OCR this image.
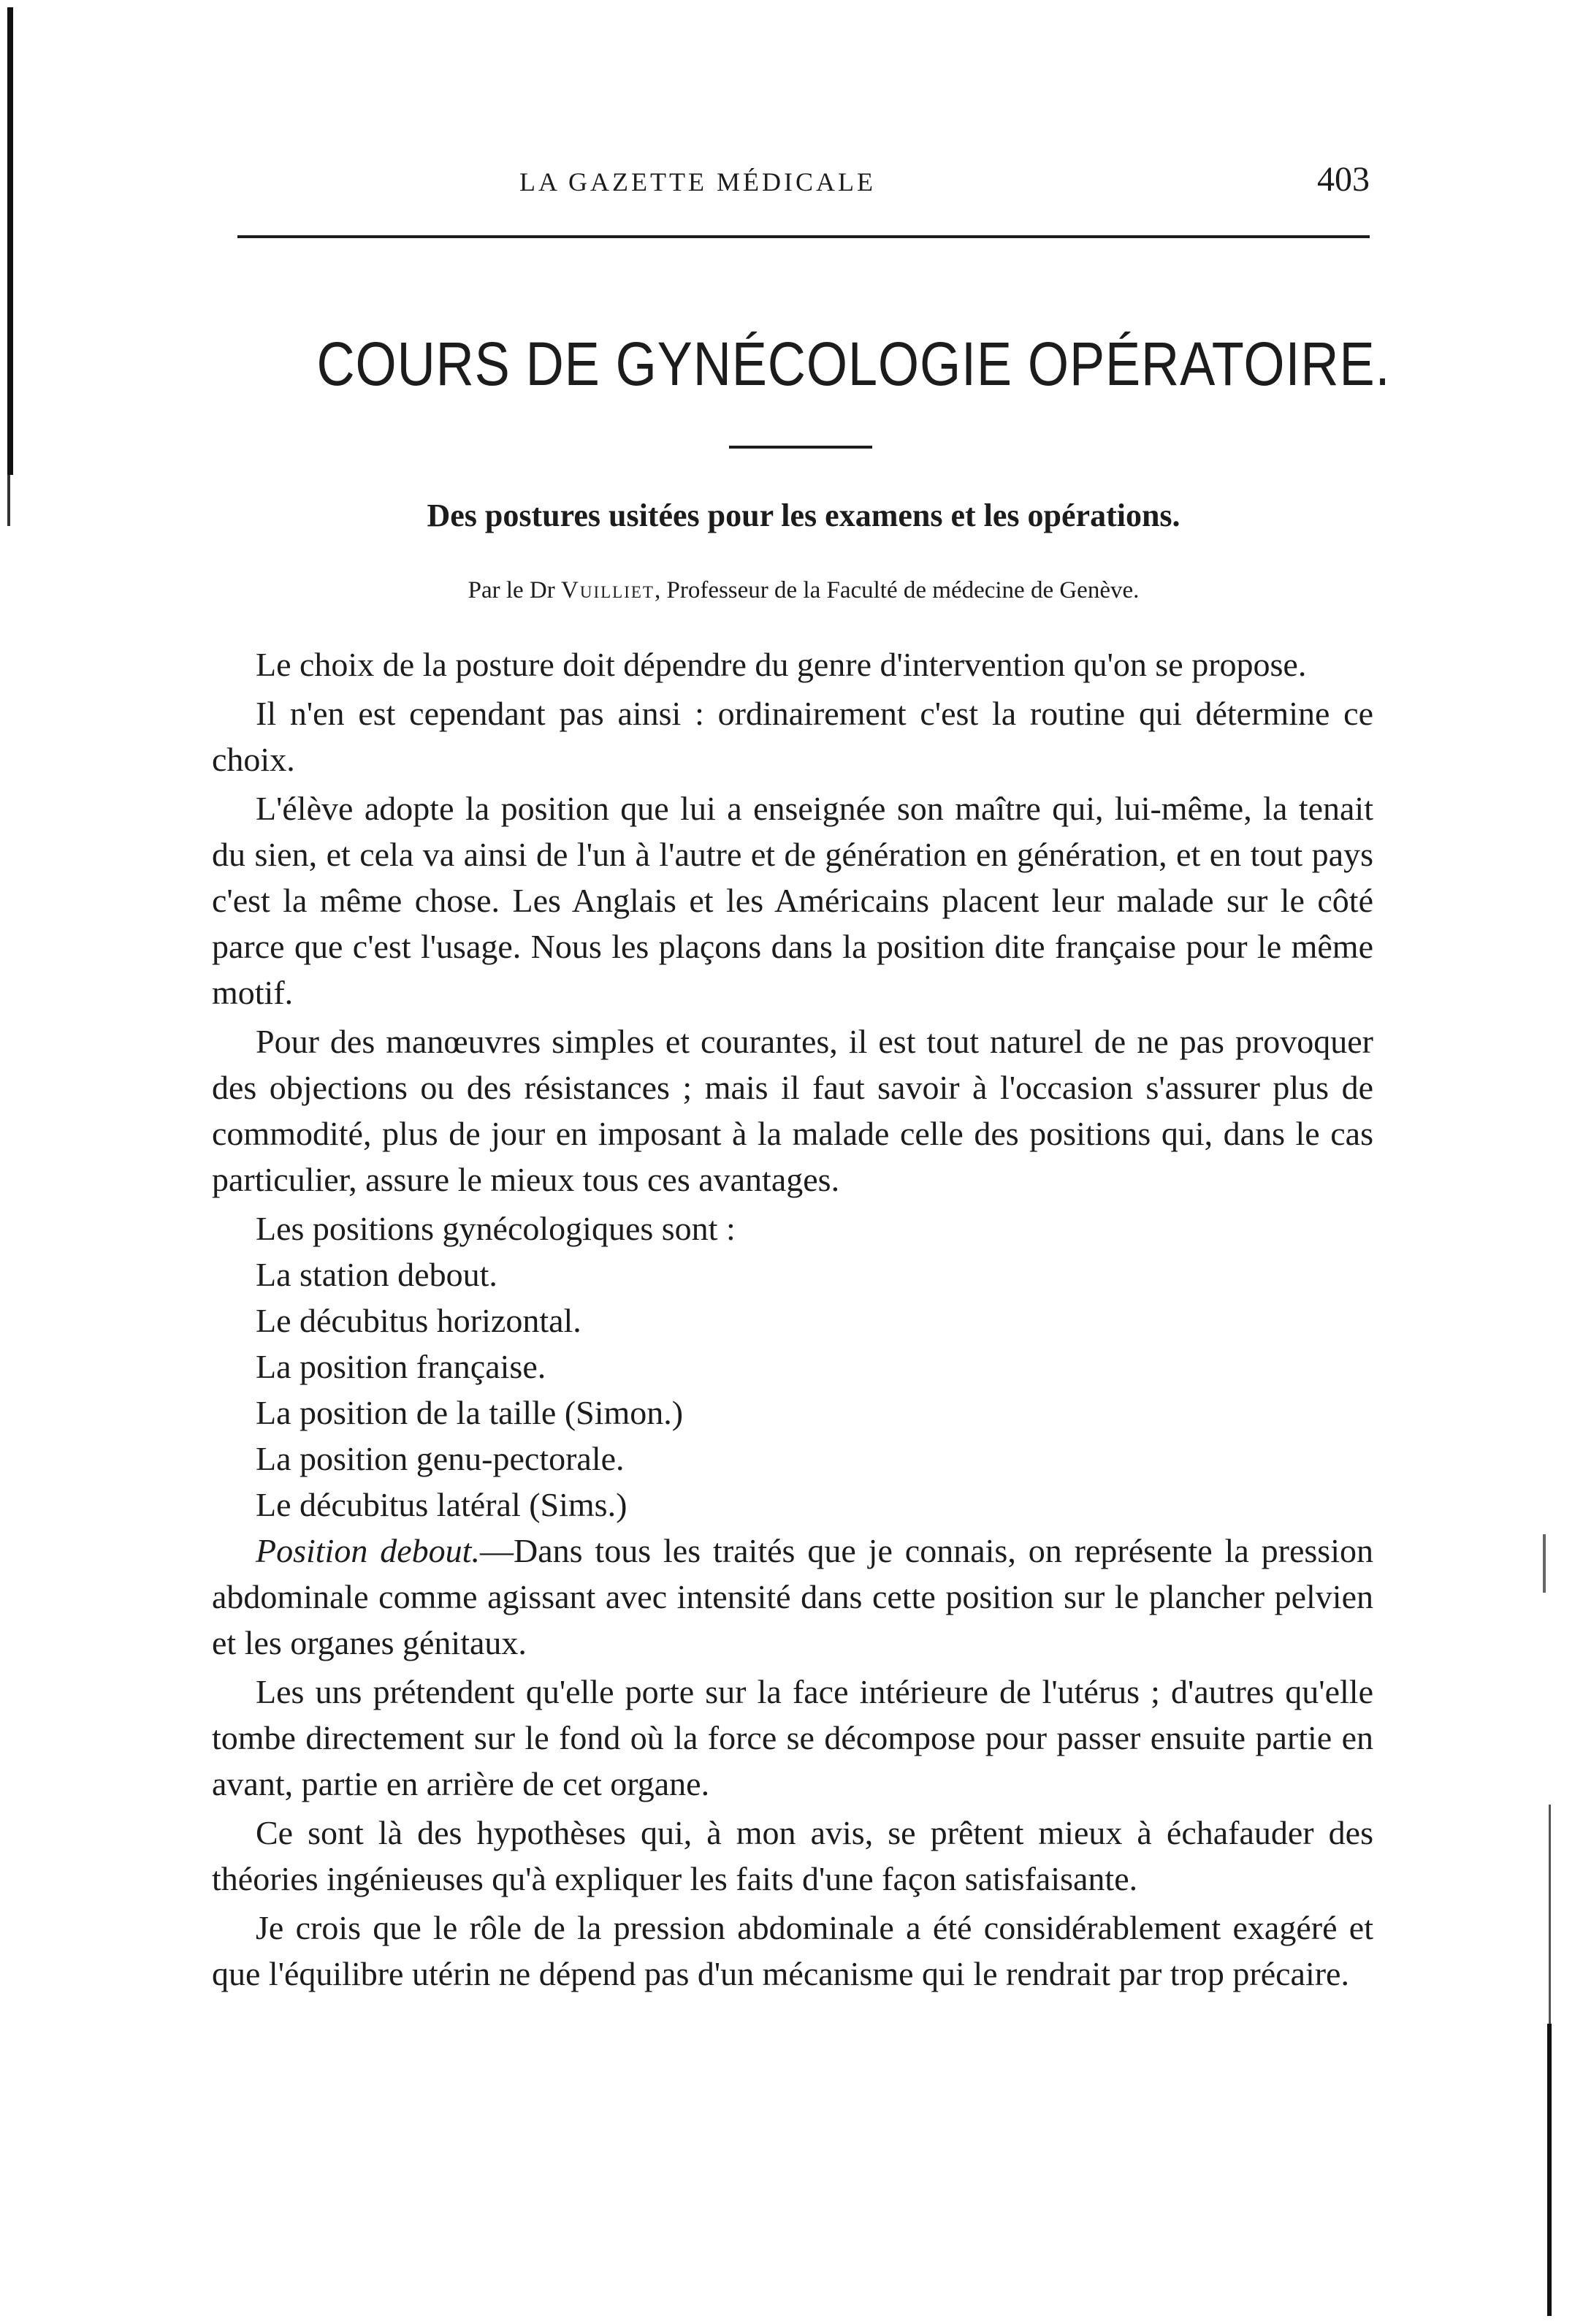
LA GAZETTE MÉDICALE	403
COURS DE GYNÉCOLOGIE OPÉRATOIRE.
Des postures usitées pour les examens et les opérations.
Par le Dr Vuilliet, Professeur de la Faculté de médecine de Genève.

Le choix de la posture doit dépendre du genre d'intervention qu'on se propose.

Il n'en est cependant pas ainsi : ordinairement c'est la routine qui détermine ce choix.

L'élève adopte la position que lui a enseignée son maître qui, lui-même, la tenait du sien, et cela va ainsi de l'un à l'autre et de génération en génération, et en tout pays c'est la même chose. Les Anglais et les Américains placent leur malade sur le côté parce que c'est l'usage. Nous les plaçons dans la position dite française pour le même motif.

Pour des manœuvres simples et courantes, il est tout naturel de ne pas provoquer des objections ou des résistances ; mais il faut savoir à l'occasion s'assurer plus de commodité, plus de jour en imposant à la malade celle des positions qui, dans le cas particulier, assure le mieux tous ces avantages.

Les positions gynécologiques sont :

La station debout.

Le décubitus horizontal.

La position française.

La position de la taille (Simon.)

La position genu-pectorale.

Le décubitus latéral (Sims.)

Position debout.—Dans tous les traités que je connais, on représente la pression abdominale comme agissant avec intensité dans cette position sur le plancher pelvien et les organes génitaux.

Les uns prétendent qu'elle porte sur la face intérieure de l'utérus ; d'autres qu'elle tombe directement sur le fond où la force se décompose pour passer ensuite partie en avant, partie en arrière de cet organe.

Ce sont là des hypothèses qui, à mon avis, se prêtent mieux à échafauder des théories ingénieuses qu'à expliquer les faits d'une façon satisfaisante.

Je crois que le rôle de la pression abdominale a été considérablement exagéré et que l'équilibre utérin ne dépend pas d'un mécanisme qui le rendrait par trop précaire.
